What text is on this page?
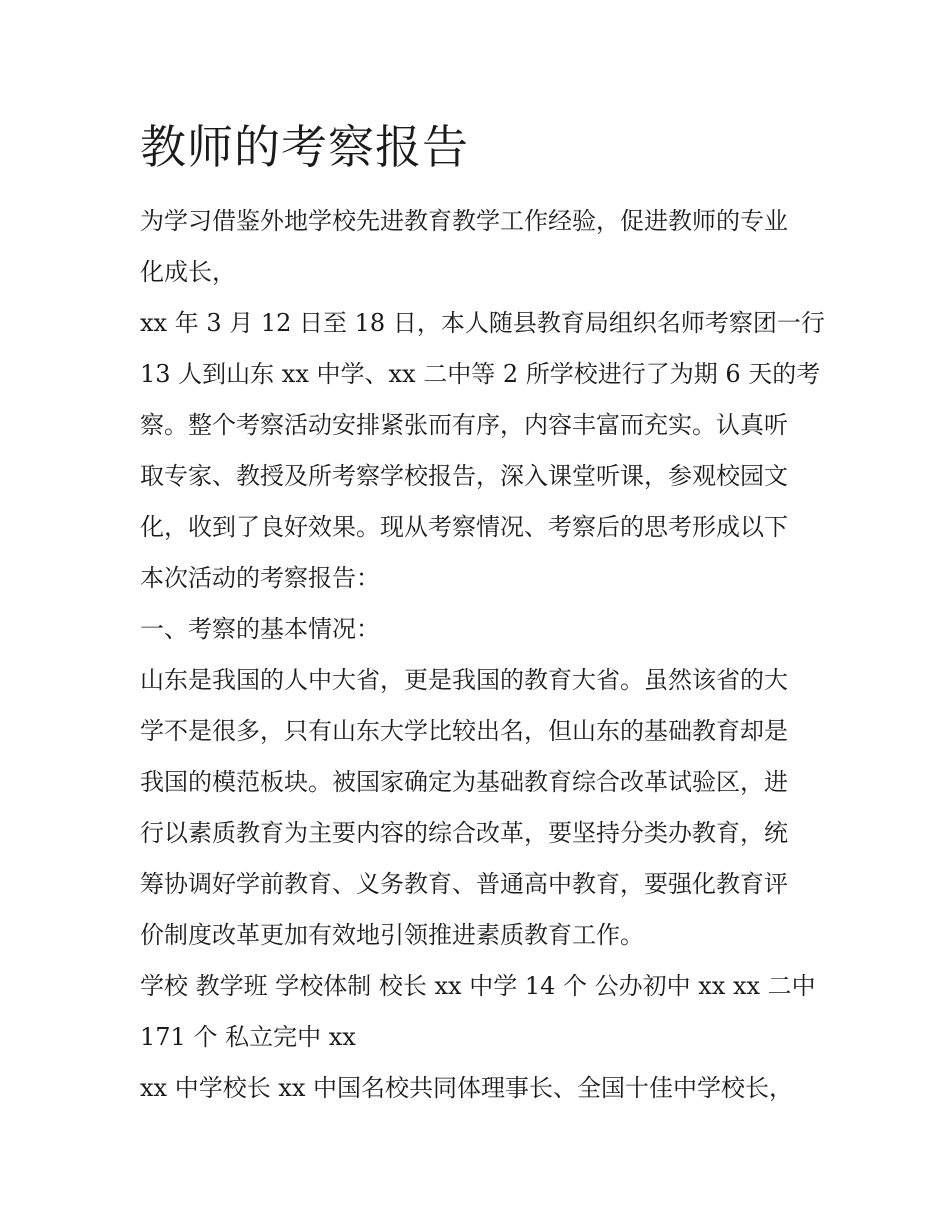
教师的考察报告

为学习借鉴外地学校先进教育教学工作经验，促进教师的专业
化成长，

xx 年 3 月 12 日至 18 日，本人随县教育局组织名师考察团一行
13 人到山东 xx 中学、xx 二中等 2 所学校进行了为期 6 天的考
察。整个考察活动安排紧张而有序，内容丰富而充实。认真听
取专家、教授及所考察学校报告，深入课堂听课，参观校园文
化，收到了良好效果。现从考察情况、考察后的思考形成以下
本次活动的考察报告：

一、考察的基本情况：

山东是我国的人中大省，更是我国的教育大省。虽然该省的大
学不是很多，只有山东大学比较出名，但山东的基础教育却是
我国的模范板块。被国家确定为基础教育综合改革试验区，进
行以素质教育为主要内容的综合改革，要坚持分类办教育，统
筹协调好学前教育、义务教育、普通高中教育，要强化教育评
价制度改革更加有效地引领推进素质教育工作。

学校 教学班 学校体制 校长 xx 中学 14 个 公办初中 xx xx 二中
171 个 私立完中 xx

xx 中学校长 xx 中国名校共同体理事长、全国十佳中学校长，
